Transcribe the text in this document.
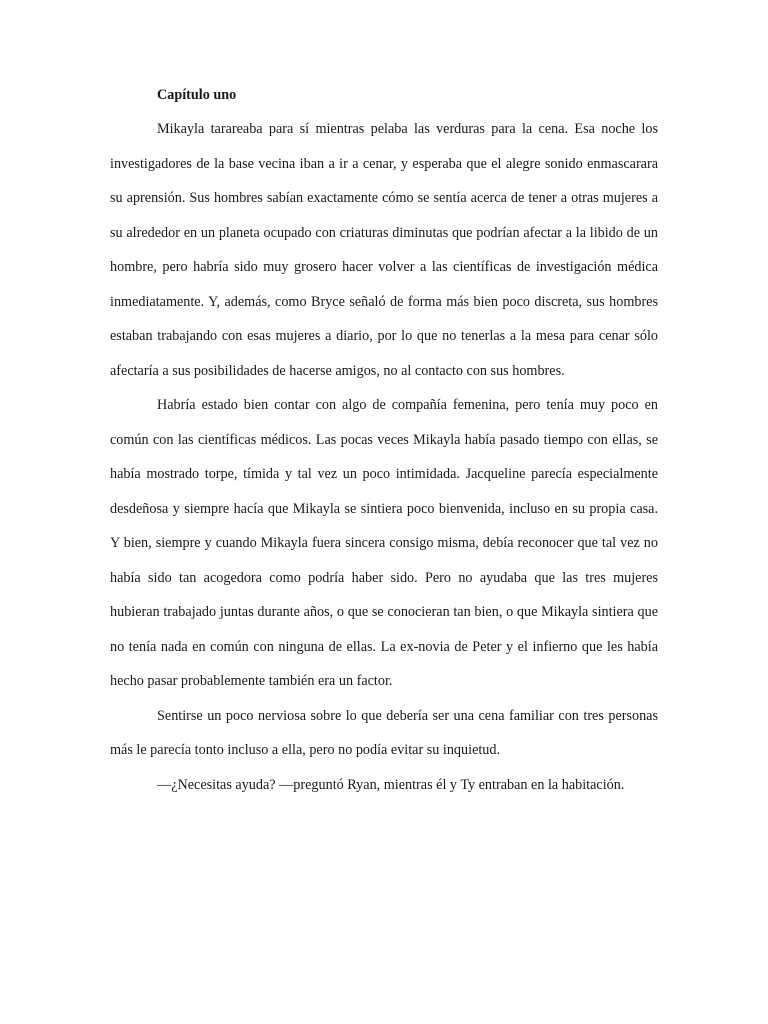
Capítulo uno

Mikayla tarareaba para sí mientras pelaba las verduras para la cena. Esa noche los investigadores de la base vecina iban a ir a cenar, y esperaba que el alegre sonido enmascarara su aprensión. Sus hombres sabían exactamente cómo se sentía acerca de tener a otras mujeres a su alrededor en un planeta ocupado con criaturas diminutas que podrían afectar a la libido de un hombre, pero habría sido muy grosero hacer volver a las científicas de investigación médica inmediatamente. Y, además, como Bryce señaló de forma más bien poco discreta, sus hombres estaban trabajando con esas mujeres a diario, por lo que no tenerlas a la mesa para cenar sólo afectaría a sus posibilidades de hacerse amigos, no al contacto con sus hombres.

Habría estado bien contar con algo de compañía femenina, pero tenía muy poco en común con las científicas médicos. Las pocas veces Mikayla había pasado tiempo con ellas, se había mostrado torpe, tímida y tal vez un poco intimidada. Jacqueline parecía especialmente desdeñosa y siempre hacía que Mikayla se sintiera poco bienvenida, incluso en su propia casa. Y bien, siempre y cuando Mikayla fuera sincera consigo misma, debía reconocer que tal vez no había sido tan acogedora como podría haber sido. Pero no ayudaba que las tres mujeres hubieran trabajado juntas durante años, o que se conocieran tan bien, o que Mikayla sintiera que no tenía nada en común con ninguna de ellas. La ex-novia de Peter y el infierno que les había hecho pasar probablemente también era un factor.

Sentirse un poco nerviosa sobre lo que debería ser una cena familiar con tres personas más le parecía tonto incluso a ella, pero no podía evitar su inquietud.

—¿Necesitas ayuda? —preguntó Ryan, mientras él y Ty entraban en la habitación.
